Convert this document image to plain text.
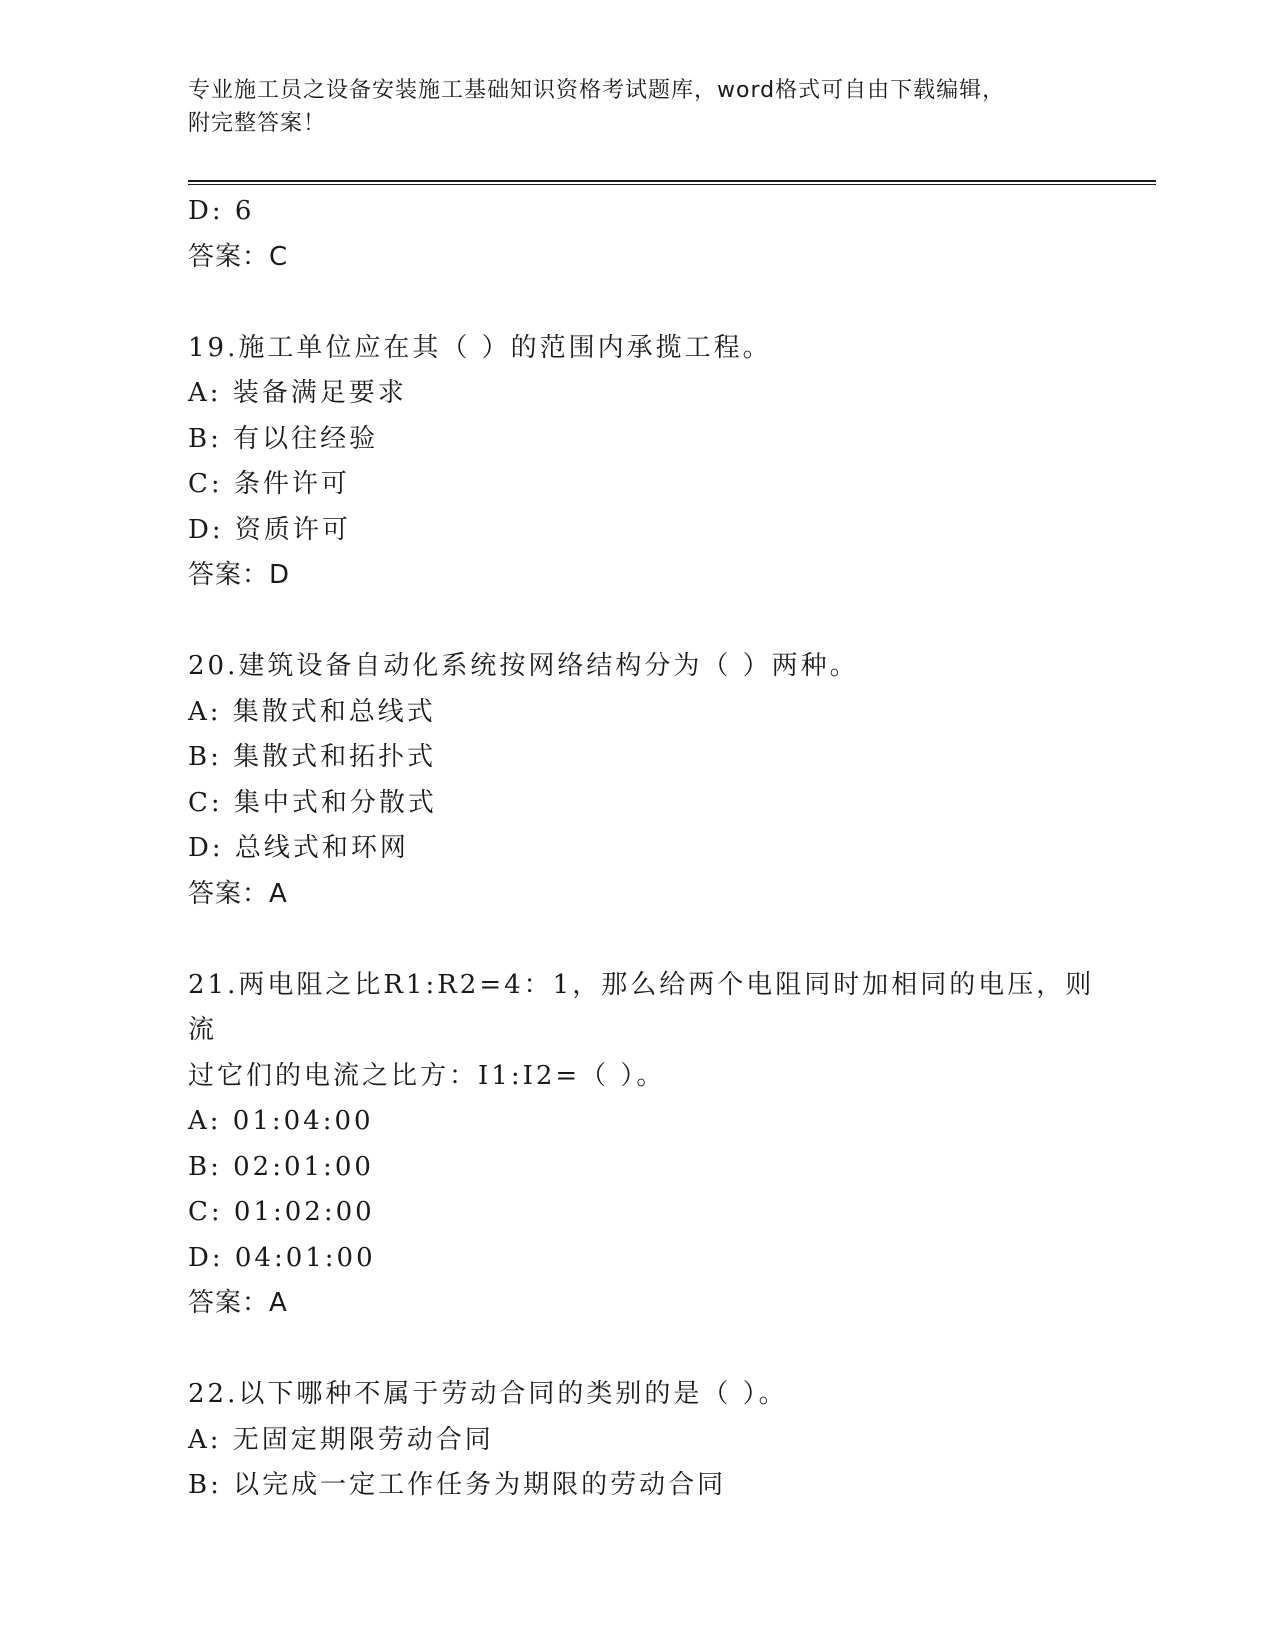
专业施工员之设备安装施工基础知识资格考试题库，word格式可自由下载编辑，
附完整答案！
D: 6
答案：C
19.施工单位应在其（ ）的范围内承揽工程。
A: 装备满足要求
B: 有以往经验
C: 条件许可
D: 资质许可
答案：D
20.建筑设备自动化系统按网络结构分为（ ）两种。
A: 集散式和总线式
B: 集散式和拓扑式
C: 集中式和分散式
D: 总线式和环网
答案：A
21.两电阻之比R1:R2=4：1，那么给两个电阻同时加相同的电压，则流
过它们的电流之比方：I1:I2=（ ）。
A: 01:04:00
B: 02:01:00
C: 01:02:00
D: 04:01:00
答案：A
22.以下哪种不属于劳动合同的类别的是（ ）。
A: 无固定期限劳动合同
B: 以完成一定工作任务为期限的劳动合同
